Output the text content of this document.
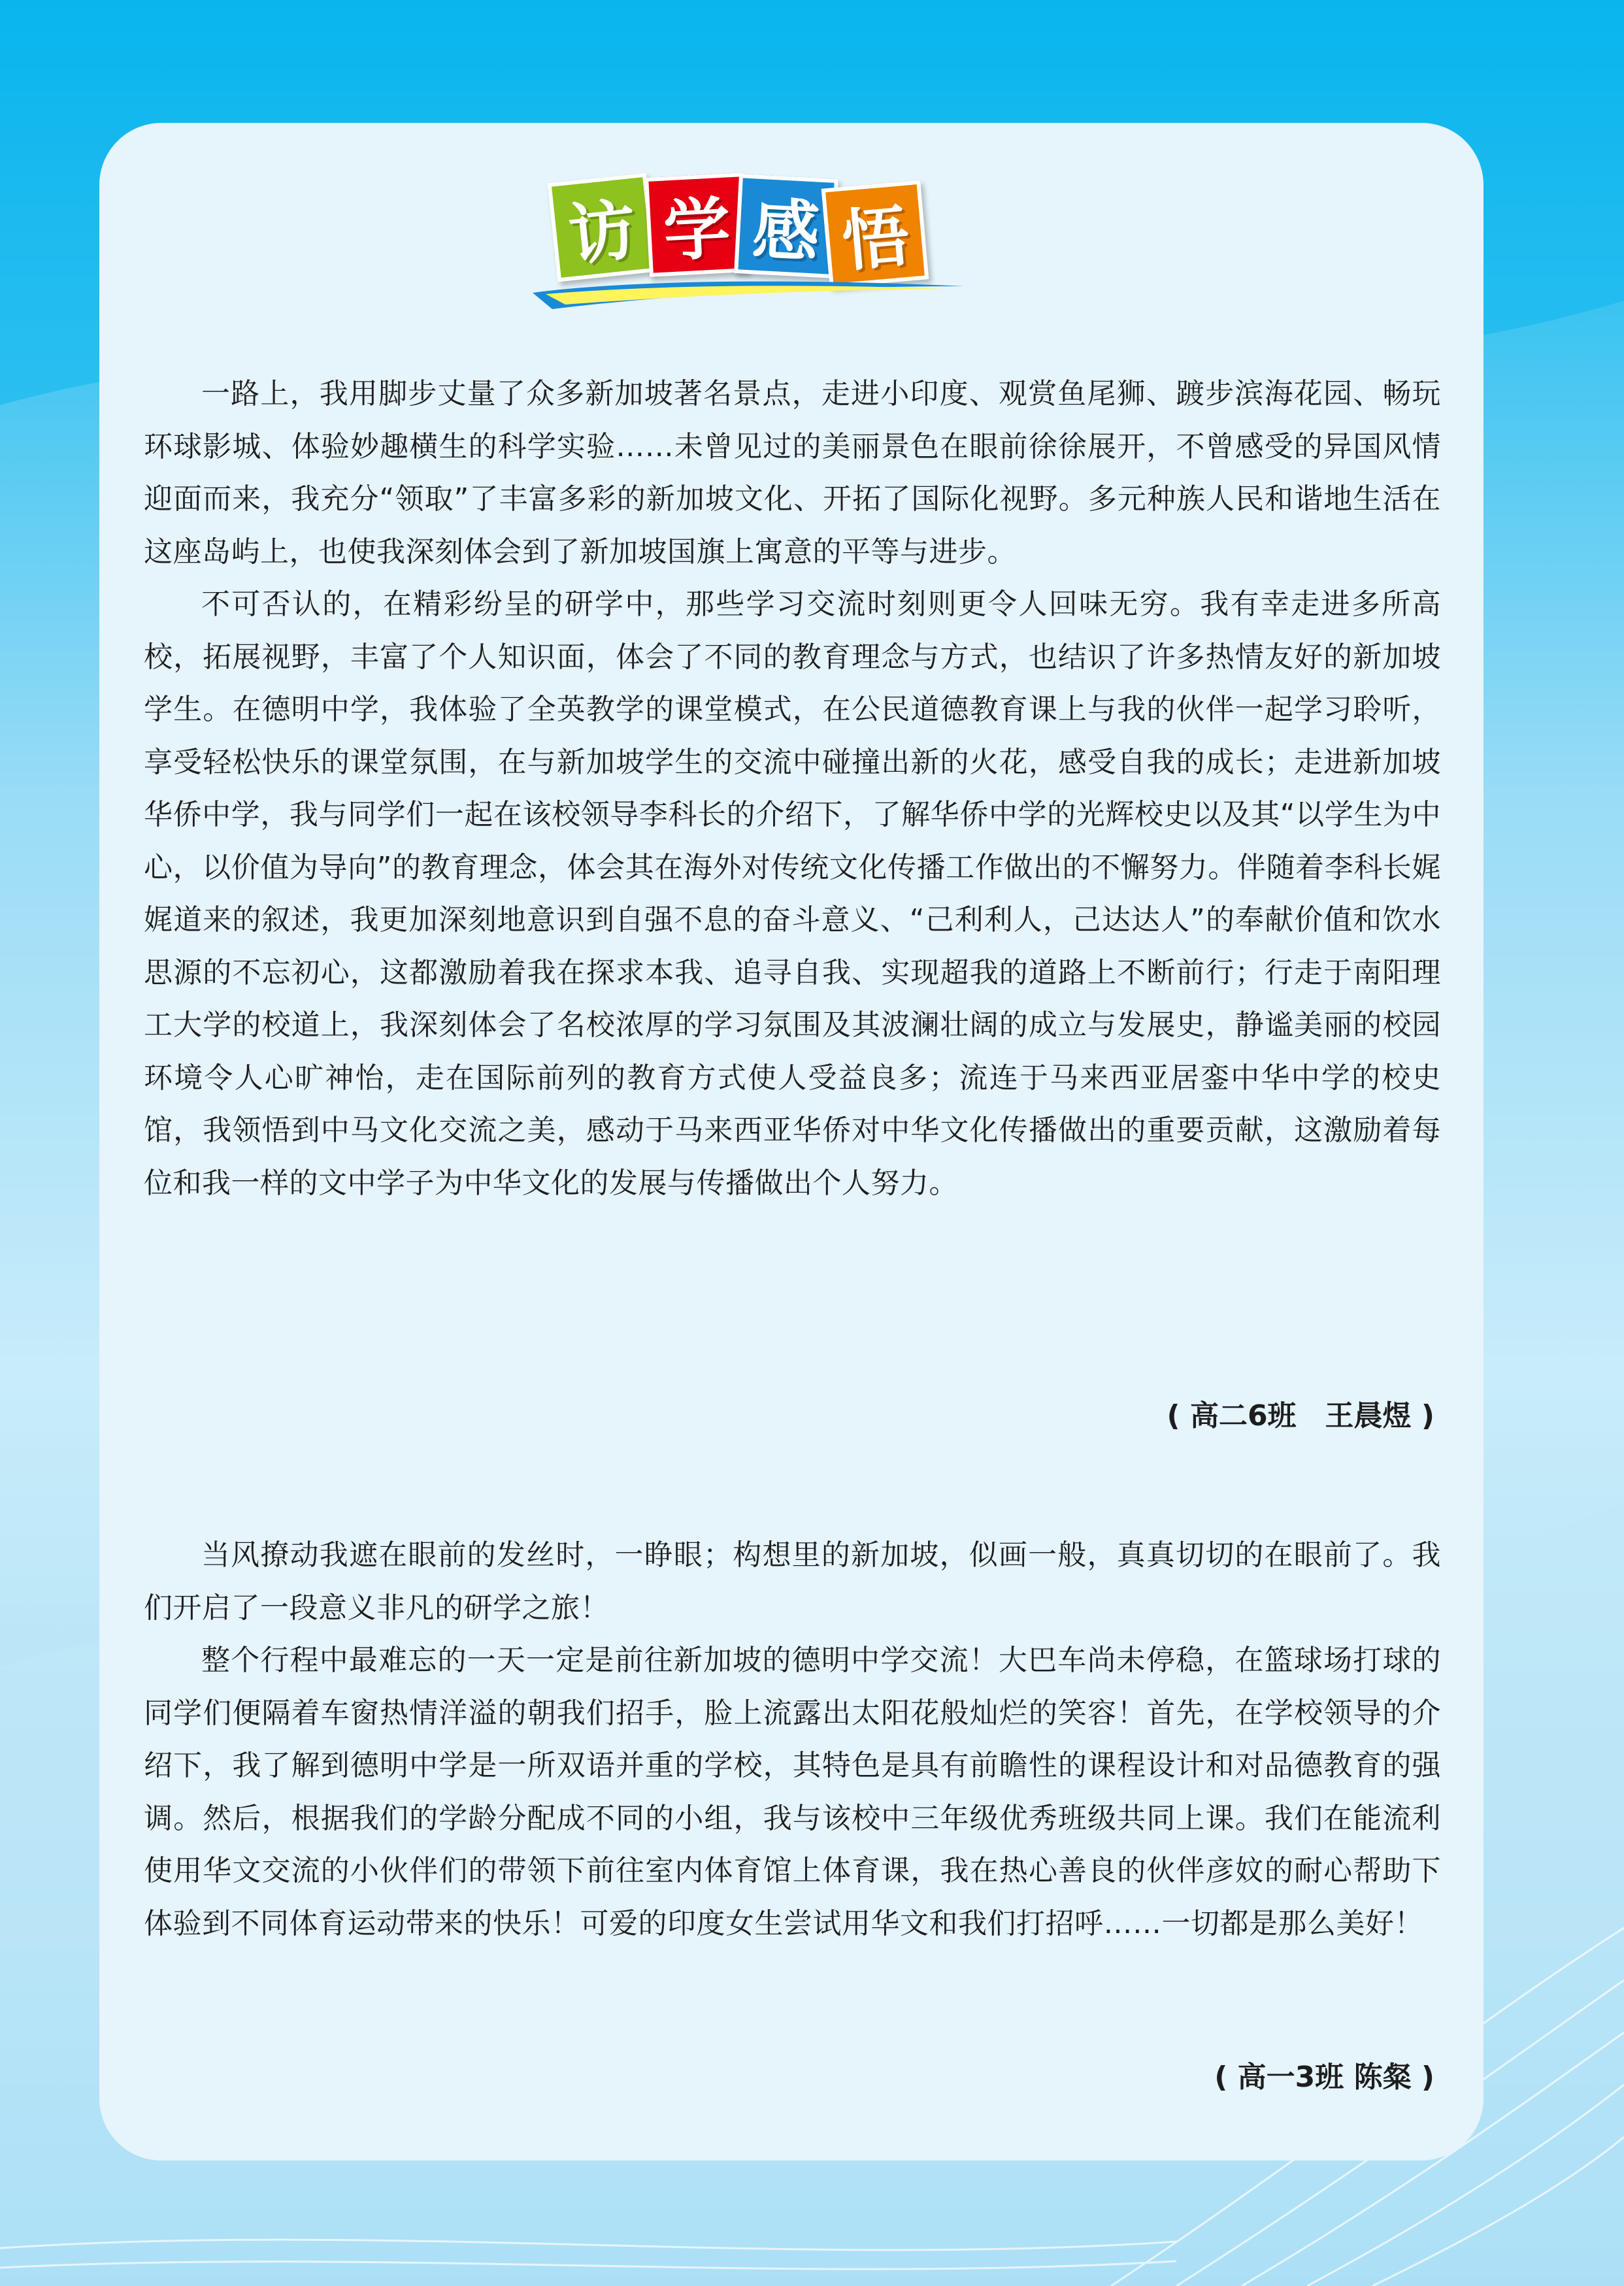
访 学 感 悟

一路上，我用脚步丈量了众多新加坡著名景点，走进小印度、观赏鱼尾狮、踱步滨海花园、畅玩环球影城、体验妙趣横生的科学实验……未曾见过的美丽景色在眼前徐徐展开，不曾感受的异国风情迎面而来，我充分“领取”了丰富多彩的新加坡文化、开拓了国际化视野。多元种族人民和谐地生活在这座岛屿上，也使我深刻体会到了新加坡国旗上寓意的平等与进步。

不可否认的，在精彩纷呈的研学中，那些学习交流时刻则更令人回味无穷。我有幸走进多所高校，拓展视野，丰富了个人知识面，体会了不同的教育理念与方式，也结识了许多热情友好的新加坡学生。在德明中学，我体验了全英教学的课堂模式，在公民道德教育课上与我的伙伴一起学习聆听，享受轻松快乐的课堂氛围，在与新加坡学生的交流中碰撞出新的火花，感受自我的成长；走进新加坡华侨中学，我与同学们一起在该校领导李科长的介绍下，了解华侨中学的光辉校史以及其“以学生为中心，以价值为导向”的教育理念，体会其在海外对传统文化传播工作做出的不懈努力。伴随着李科长娓娓道来的叙述，我更加深刻地意识到自强不息的奋斗意义、“己利利人，己达达人”的奉献价值和饮水思源的不忘初心，这都激励着我在探求本我、追寻自我、实现超我的道路上不断前行；行走于南阳理工大学的校道上，我深刻体会了名校浓厚的学习氛围及其波澜壮阔的成立与发展史，静谧美丽的校园环境令人心旷神怡，走在国际前列的教育方式使人受益良多；流连于马来西亚居銮中华中学的校史馆，我领悟到中马文化交流之美，感动于马来西亚华侨对中华文化传播做出的重要贡献，这激励着每位和我一样的文中学子为中华文化的发展与传播做出个人努力。

( 高二6班　王晨煜 )

当风撩动我遮在眼前的发丝时，一睁眼；构想里的新加坡，似画一般，真真切切的在眼前了。我们开启了一段意义非凡的研学之旅！

整个行程中最难忘的一天一定是前往新加坡的德明中学交流！大巴车尚未停稳，在篮球场打球的同学们便隔着车窗热情洋溢的朝我们招手，脸上流露出太阳花般灿烂的笑容！首先，在学校领导的介绍下，我了解到德明中学是一所双语并重的学校，其特色是具有前瞻性的课程设计和对品德教育的强调。然后，根据我们的学龄分配成不同的小组，我与该校中三年级优秀班级共同上课。我们在能流利使用华文交流的小伙伴们的带领下前往室内体育馆上体育课，我在热心善良的伙伴彦妏的耐心帮助下体验到不同体育运动带来的快乐！可爱的印度女生尝试用华文和我们打招呼……一切都是那么美好！

( 高一3班 陈粲 )
